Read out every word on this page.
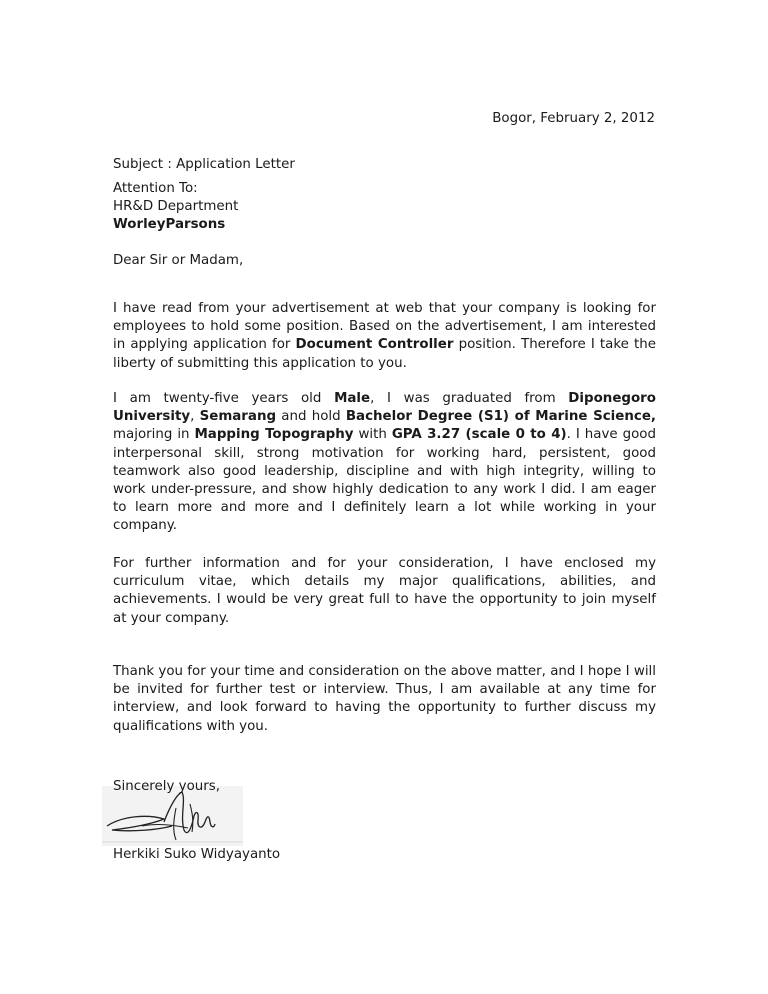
Bogor, February 2, 2012
Subject : Application Letter
Attention To:
HR&D Department
WorleyParsons
Dear Sir or Madam,

I have read from your advertisement at web that your company is looking for employees to hold some position. Based on the advertisement, I am interested in applying application for Document Controller position. Therefore I take the liberty of submitting this application to you.

I am twenty-five years old Male, I was graduated from Diponegoro University, Semarang and hold Bachelor Degree (S1) of Marine Science, majoring in Mapping Topography with GPA 3.27 (scale 0 to 4). I have good interpersonal skill, strong motivation for working hard, persistent, good teamwork also good leadership, discipline and with high integrity, willing to work under-pressure, and show highly dedication to any work I did. I am eager to learn more and more and I definitely learn a lot while working in your company.

For further information and for your consideration, I have enclosed my curriculum vitae, which details my major qualifications, abilities, and achievements. I would be very great full to have the opportunity to join myself at your company.

Thank you for your time and consideration on the above matter, and I hope I will be invited for further test or interview. Thus, I am available at any time for interview, and look forward to having the opportunity to further discuss my qualifications with you.

Sincerely yours,
Herkiki Suko Widyayanto
